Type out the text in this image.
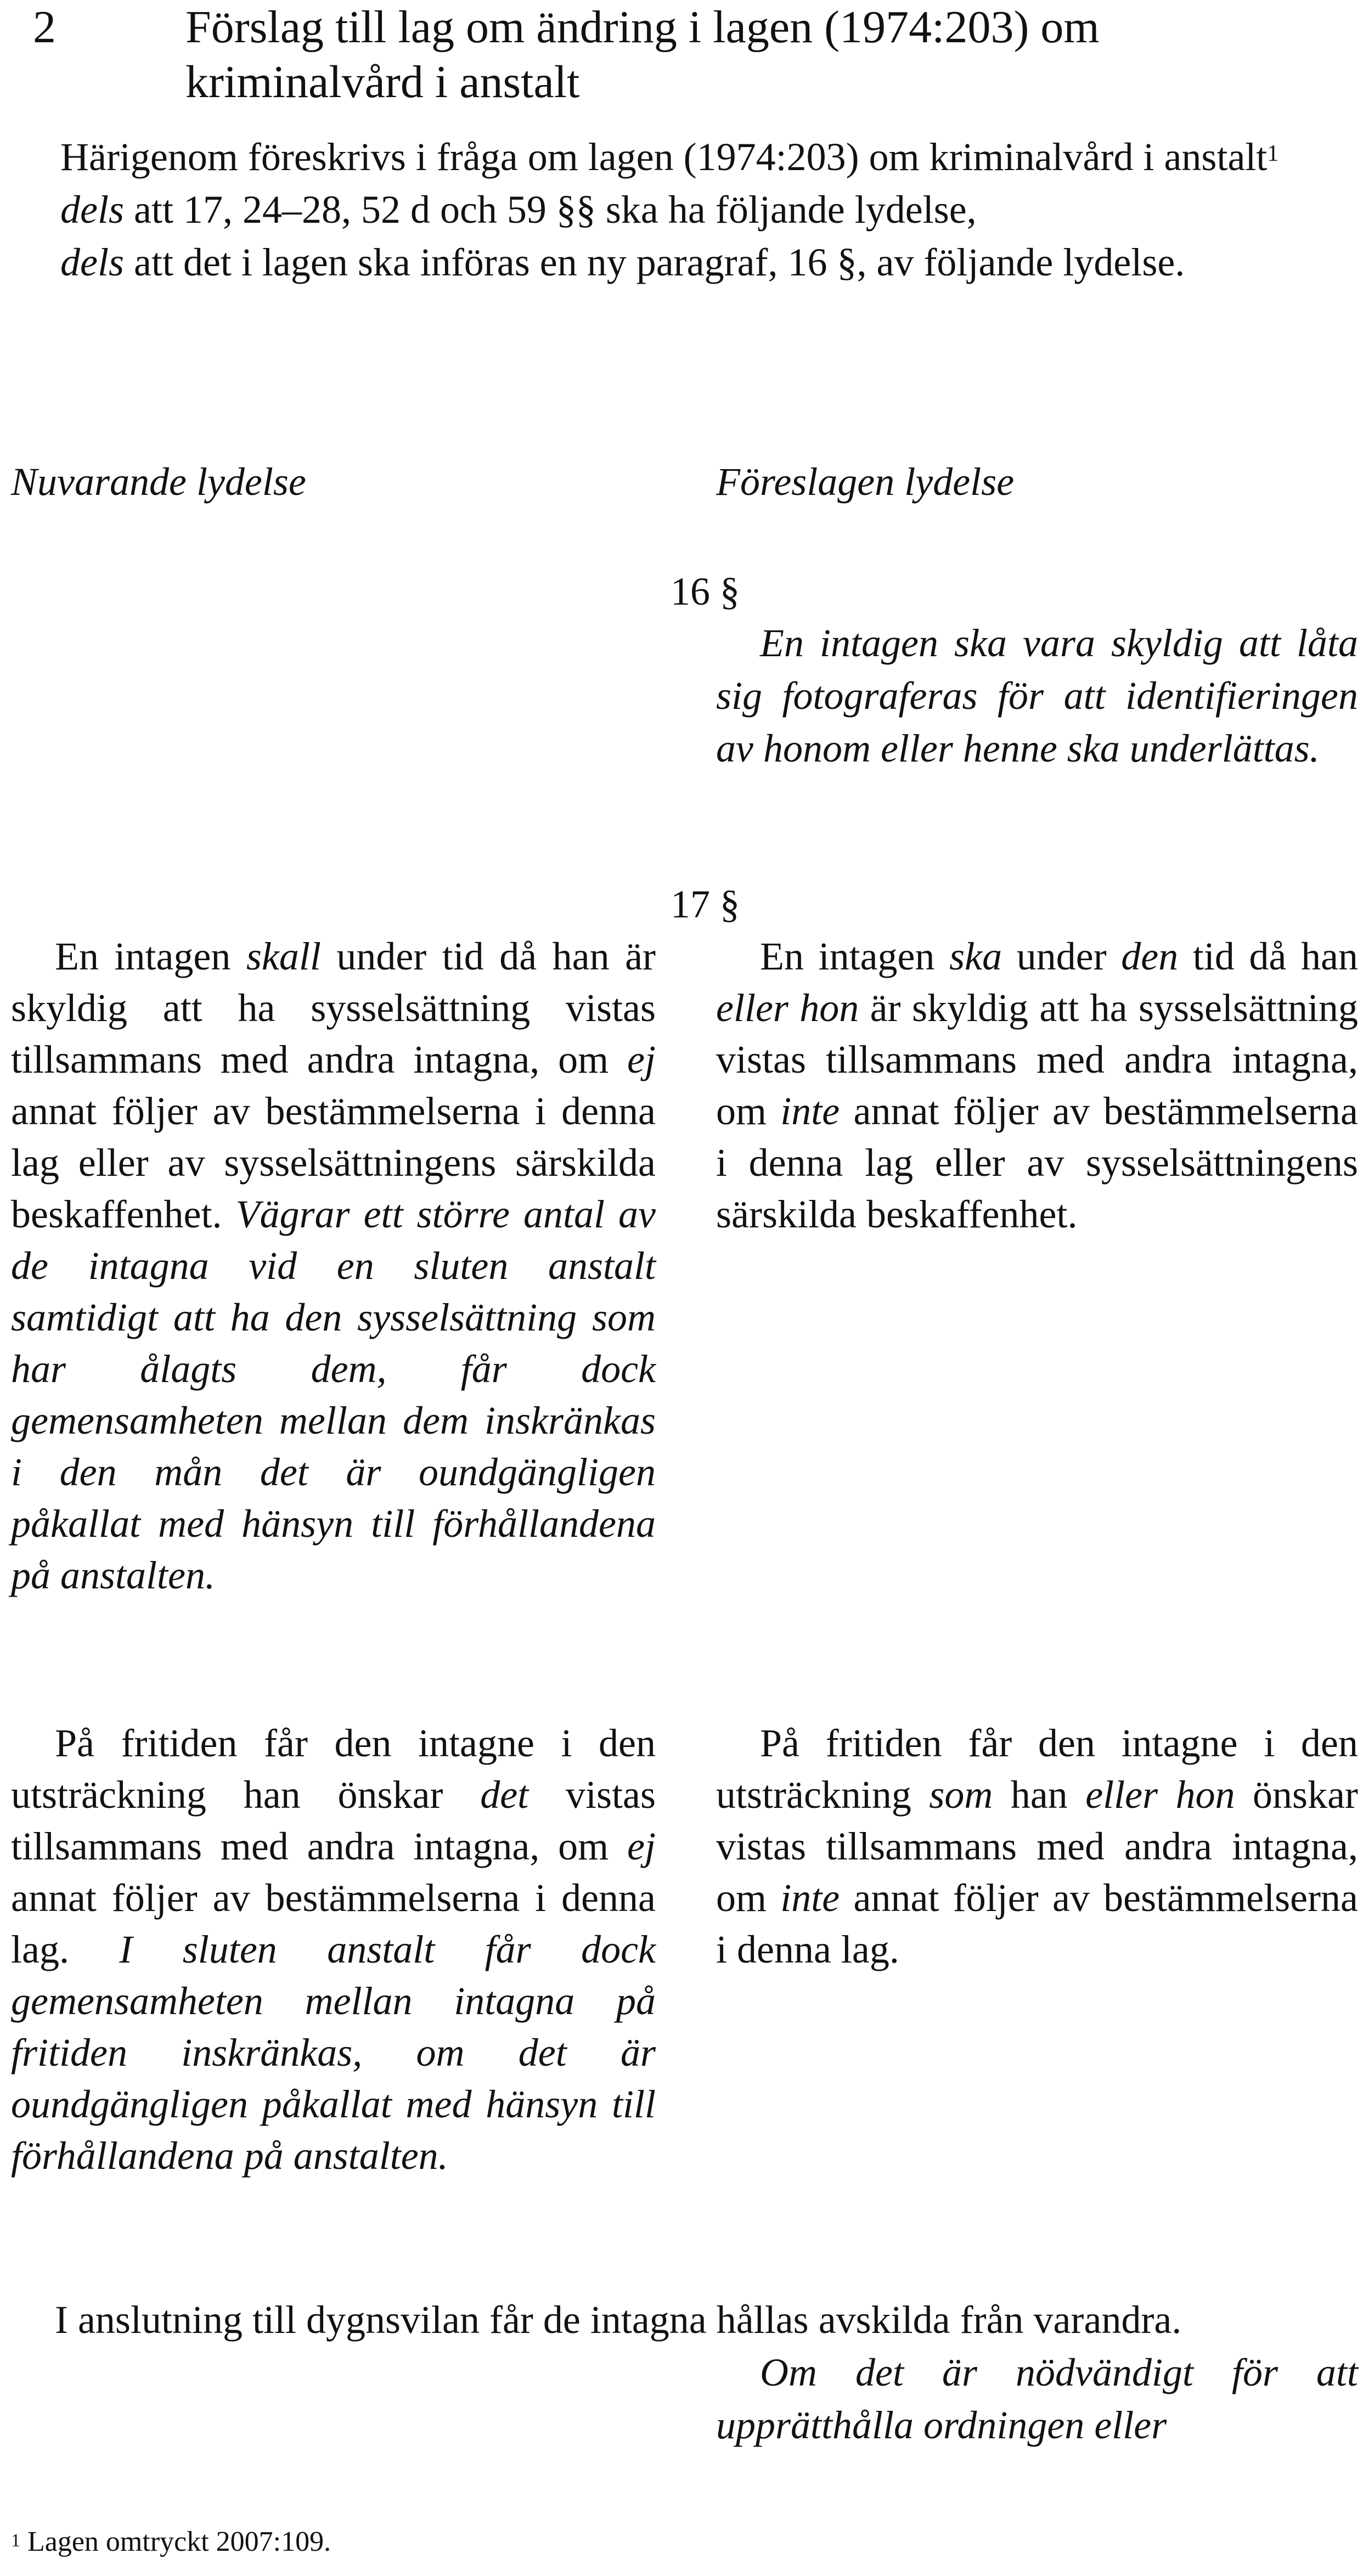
2	Förslag till lag om ändring i lagen (1974:203) om kriminalvård i anstalt

Härigenom föreskrivs i fråga om lagen (1974:203) om kriminalvård i anstalt$^1$

dels att 17, 24–28, 52 d och 59 §§ ska ha följande lydelse,

dels att det i lagen ska införas en ny paragraf, 16 §, av följande lydelse.

Nuvarande lydelse	Föreslagen lydelse
16 §

En intagen ska vara skyldig att låta sig fotograferas för att identifieringen av honom eller henne ska underlättas.

17 §

En intagen skall under tid då han är skyldig att ha sysselsättning vistas tillsammans med andra intagna, om ej annat följer av bestämmelserna i denna lag eller av sysselsättningens särskilda beskaffenhet. Vägrar ett större antal av de intagna vid en sluten anstalt samtidigt att ha den sysselsättning som har ålagts dem, får dock gemensamheten mellan dem inskränkas i den mån det är oundgängligen påkallat med hänsyn till förhållandena på anstalten.

En intagen ska under den tid då han eller hon är skyldig att ha sysselsättning vistas tillsammans med andra intagna, om inte annat följer av bestämmelserna i denna lag eller av sysselsättningens särskilda beskaffenhet.

På fritiden får den intagne i den utsträckning han önskar det vistas tillsammans med andra intagna, om ej annat följer av bestämmelserna i denna lag. I sluten anstalt får dock gemensamheten mellan intagna på fritiden inskränkas, om det är oundgängligen påkallat med hänsyn till förhållandena på anstalten.

På fritiden får den intagne i den utsträckning som han eller hon önskar vistas tillsammans med andra intagna, om inte annat följer av bestämmelserna i denna lag.

I anslutning till dygnsvilan får de intagna hållas avskilda från varandra.

Om det är nödvändigt för att upprätthålla ordningen eller

$^1$ Lagen omtryckt 2007:109.
